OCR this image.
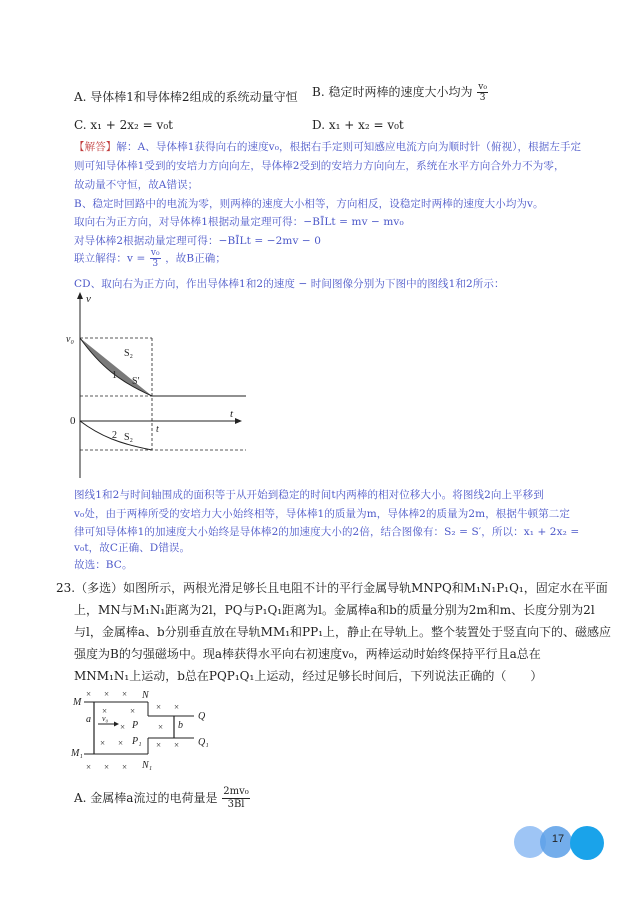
A. 导体棒1和导体棒2组成的系统动量守恒 B. 稳定时两棒的速度大小均为 $\frac{\text{v₀}}{3}$
C. x₁ + 2x₂ = v₀t	D. x₁ + x₂ = v₀t
【解答】解：A、导体棒1获得向右的速度v₀，根据右手定则可知感应电流方向为顺时针（俯视），根据左手定
则可知导体棒1受到的安培力方向向左，导体棒2受到的安培力方向向左，系统在水平方向合外力不为零，
故动量不守恒，故A错误；
B、稳定时回路中的电流为零，则两棒的速度大小相等，方向相反，设稳定时两棒的速度大小均为v。
取向右为正方向，对导体棒1根据动量定理可得：−BĪLt = mv − mv₀
对导体棒2根据动量定理可得：−BĪLt = −2mv − 0
联立解得：$v = \frac{\text{v₀}}{3}$ ，故B正确；
CD、取向右为正方向，作出导体棒1和2的速度 − 时间图像分别为下图中的图线1和2所示：
v
t
v₀
0
S₂
1
S′
t
2 S₂
图线1和2与时间轴围成的面积等于从开始到稳定的时间t内两棒的相对位移大小。将图线2向上平移到
v₀处，由于两棒所受的安培力大小始终相等，导体棒1的质量为m，导体棒2的质量为2m，根据牛顿第二定
律可知导体棒1的加速度大小始终是导体棒2的加速度大小的2倍，结合图像有：S₂ = S′，所以：x₁ + 2x₂ =
v₀t，故C正确、D错误。
故选：BC。
23.（多选）如图所示，两根光滑足够长且电阻不计的平行金属导轨MNPQ和M₁N₁P₁Q₁，固定水在平面
上，MN与M₁N₁距离为2l，PQ与P₁Q₁距离为l。金属棒a和b的质量分别为2m和m、长度分别为2l
与l，金属棒a、b分别垂直放在导轨MM₁和PP₁上，静止在导轨上。整个装置处于竖直向下的、磁感应
强度为B的匀强磁场中。现a棒获得水平向右初速度v₀，两棒运动时始终保持平行且a总在
MNM₁N₁上运动，b总在PQP₁Q₁上运动，经过足够长时间后，下列说法正确的（　　）
M
N
a v₀
P	b
Q
M₁
P₁	Q₁
N₁
× × ×
×	× × ×
×
×
× ×	× ×
× × ×
A. 金属棒a流过的电荷量是 $\frac{\text{2mv₀}}{3Bl}$
17
